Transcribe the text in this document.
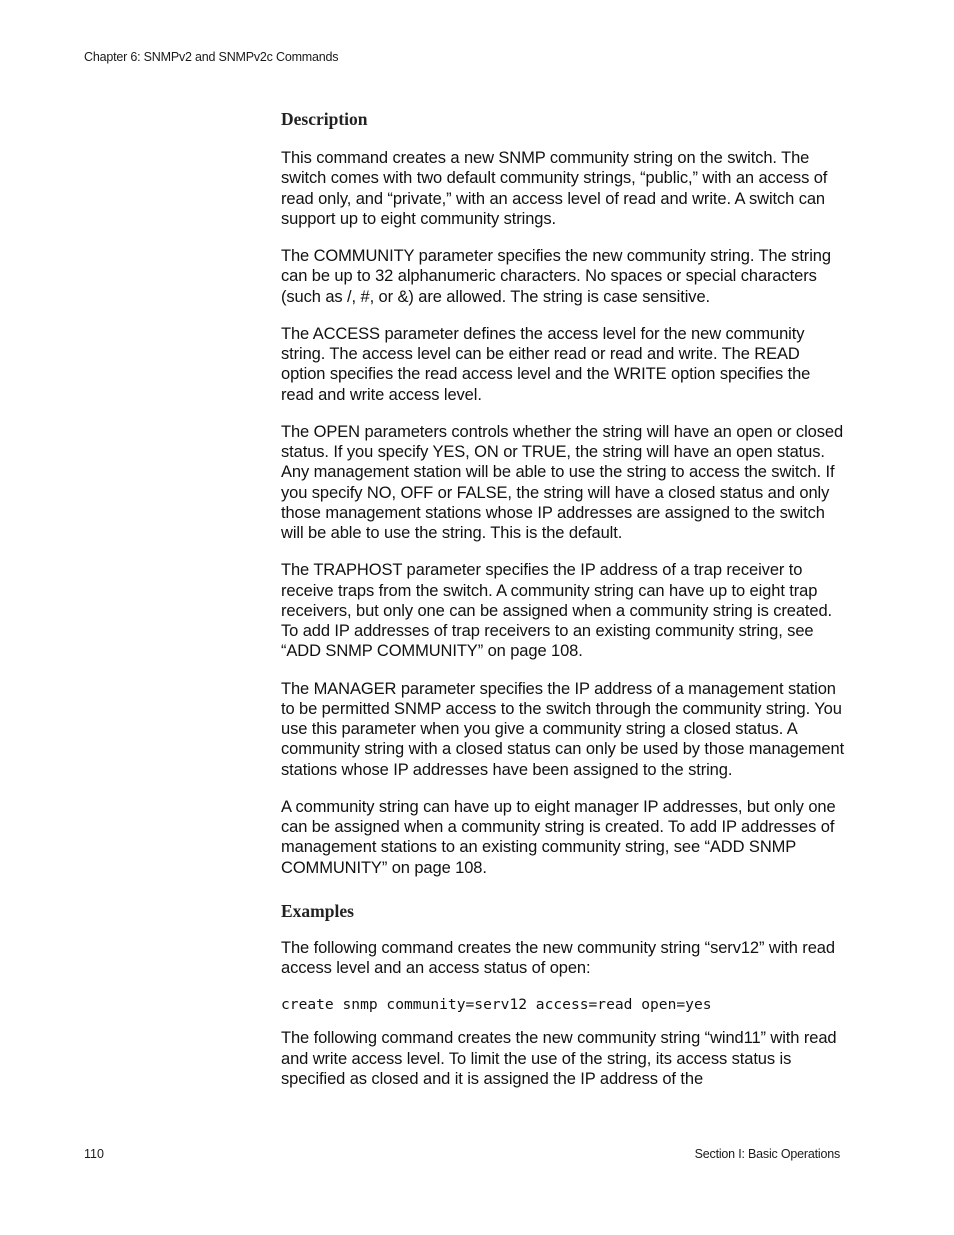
Chapter 6: SNMPv2 and SNMPv2c Commands
Description

This command creates a new SNMP community string on the switch. The switch comes with two default community strings, “public,” with an access of read only, and “private,” with an access level of read and write. A switch can support up to eight community strings.

The COMMUNITY parameter specifies the new community string. The string can be up to 32 alphanumeric characters. No spaces or special characters (such as /, #, or &) are allowed. The string is case sensitive.

The ACCESS parameter defines the access level for the new community string. The access level can be either read or read and write. The READ option specifies the read access level and the WRITE option specifies the read and write access level.

The OPEN parameters controls whether the string will have an open or closed status. If you specify YES, ON or TRUE, the string will have an open status. Any management station will be able to use the string to access the switch. If you specify NO, OFF or FALSE, the string will have a closed status and only those management stations whose IP addresses are assigned to the switch will be able to use the string. This is the default.

The TRAPHOST parameter specifies the IP address of a trap receiver to receive traps from the switch. A community string can have up to eight trap receivers, but only one can be assigned when a community string is created. To add IP addresses of trap receivers to an existing community string, see “ADD SNMP COMMUNITY” on page 108.

The MANAGER parameter specifies the IP address of a management station to be permitted SNMP access to the switch through the community string. You use this parameter when you give a community string a closed status. A community string with a closed status can only be used by those management stations whose IP addresses have been assigned to the string.

A community string can have up to eight manager IP addresses, but only one can be assigned when a community string is created. To add IP addresses of management stations to an existing community string, see “ADD SNMP COMMUNITY” on page 108.

Examples

The following command creates the new community string “serv12” with read access level and an access status of open:

create snmp community=serv12 access=read open=yes

The following command creates the new community string “wind11” with read and write access level. To limit the use of the string, its access status is specified as closed and it is assigned the IP address of the

110	Section I: Basic Operations
